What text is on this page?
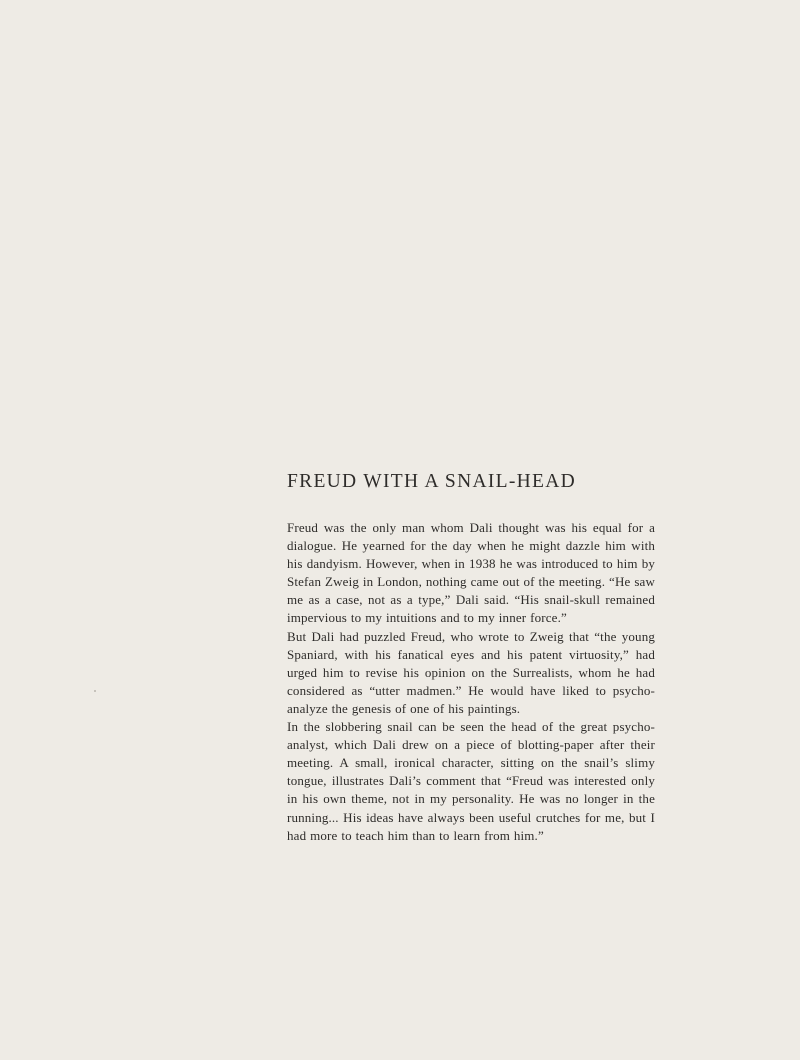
FREUD WITH A SNAIL-HEAD

Freud was the only man whom Dali thought was his equal for a dialogue. He yearned for the day when he might dazzle him with his dandyism. However, when in 1938 he was introduced to him by Stefan Zweig in London, nothing came out of the meeting. “He saw me as a case, not as a type,” Dali said. “His snail-skull remained impervious to my intuitions and to my inner force.”

But Dali had puzzled Freud, who wrote to Zweig that “the young Spaniard, with his fanatical eyes and his patent virtuosity,” had urged him to revise his opinion on the Surrealists, whom he had considered as “utter madmen.” He would have liked to psycho-analyze the genesis of one of his paintings.

In the slobbering snail can be seen the head of the great psycho-analyst, which Dali drew on a piece of blotting-paper after their meeting. A small, ironical character, sitting on the snail’s slimy tongue, illustrates Dali’s comment that “Freud was interested only in his own theme, not in my personality. He was no longer in the running... His ideas have always been useful crutches for me, but I had more to teach him than to learn from him.”
